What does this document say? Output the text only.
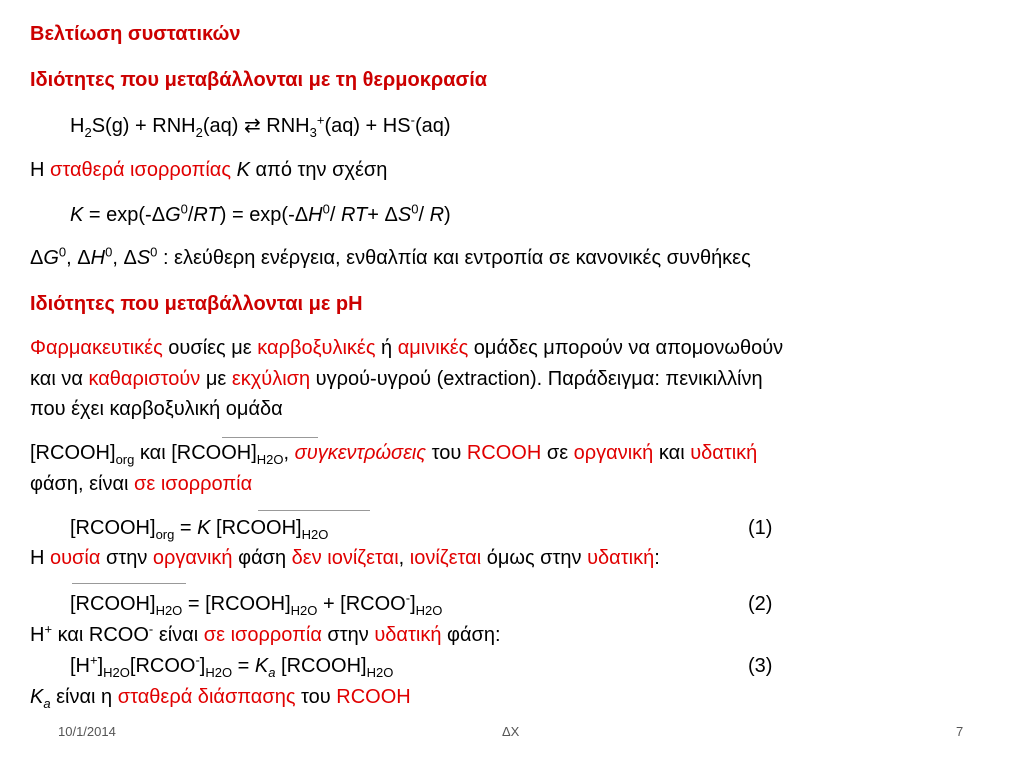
Βελτίωση συστατικών
Ιδιότητες που μεταβάλλονται με τη θερμοκρασία
$H_2S(g) + RNH_2(aq)$ ⇄ $RNH_3^+(aq) + HS^-(aq)$
H σταθερά ισορροπίας K από την σχέση
$K = \exp(-\Delta G^0/RT) = \exp(-\Delta H^0/$ $RT+ \Delta S^0/$ R)
$\Delta G^0$, $\Delta H^0$, $\Delta S^0$ : ελεύθερη ενέργεια, ενθαλπία και εντροπία σε κανονικές συνθήκες
Ιδιότητες που μεταβάλλονται με pH
Φαρμακευτικές ουσίες με καρβοξυλικές ή αμινικές ομάδες μπορούν να απομονωθούν
και να καθαριστούν με εκχύλιση υγρού-υγρού (extraction). Παράδειγμα: πενικιλλίνη
που έχει καρβοξυλική ομάδα
$[RCOOH]_{org}$ και $[RCOOH]_{H2O}$, συγκεντρώσεις του RCOOH σε οργανική και υδατική
φάση, είναι σε ισορροπία
$[RCOOH]_{org} = K$ $[RCOOH]_{H2O}$	(1)
H ουσία στην οργανική φάση δεν ιονίζεται, ιονίζεται όμως στην υδατική:
$[RCOOH]_{H2O}$ = $[RCOOH]_{H2O}$ + $[RCOO^-]_{H2O}$	(2)
H+ και RCOO- είναι σε ισορροπία στην υδατική φάση:
$[H^+]_{H2O}[RCOO^-]_{H2O} = K_a$ $[RCOOH]_{H2O}$	(3)
$K_a$ είναι η σταθερά διάσπασης του RCOOH
10/1/2014	ΔΧ	7
